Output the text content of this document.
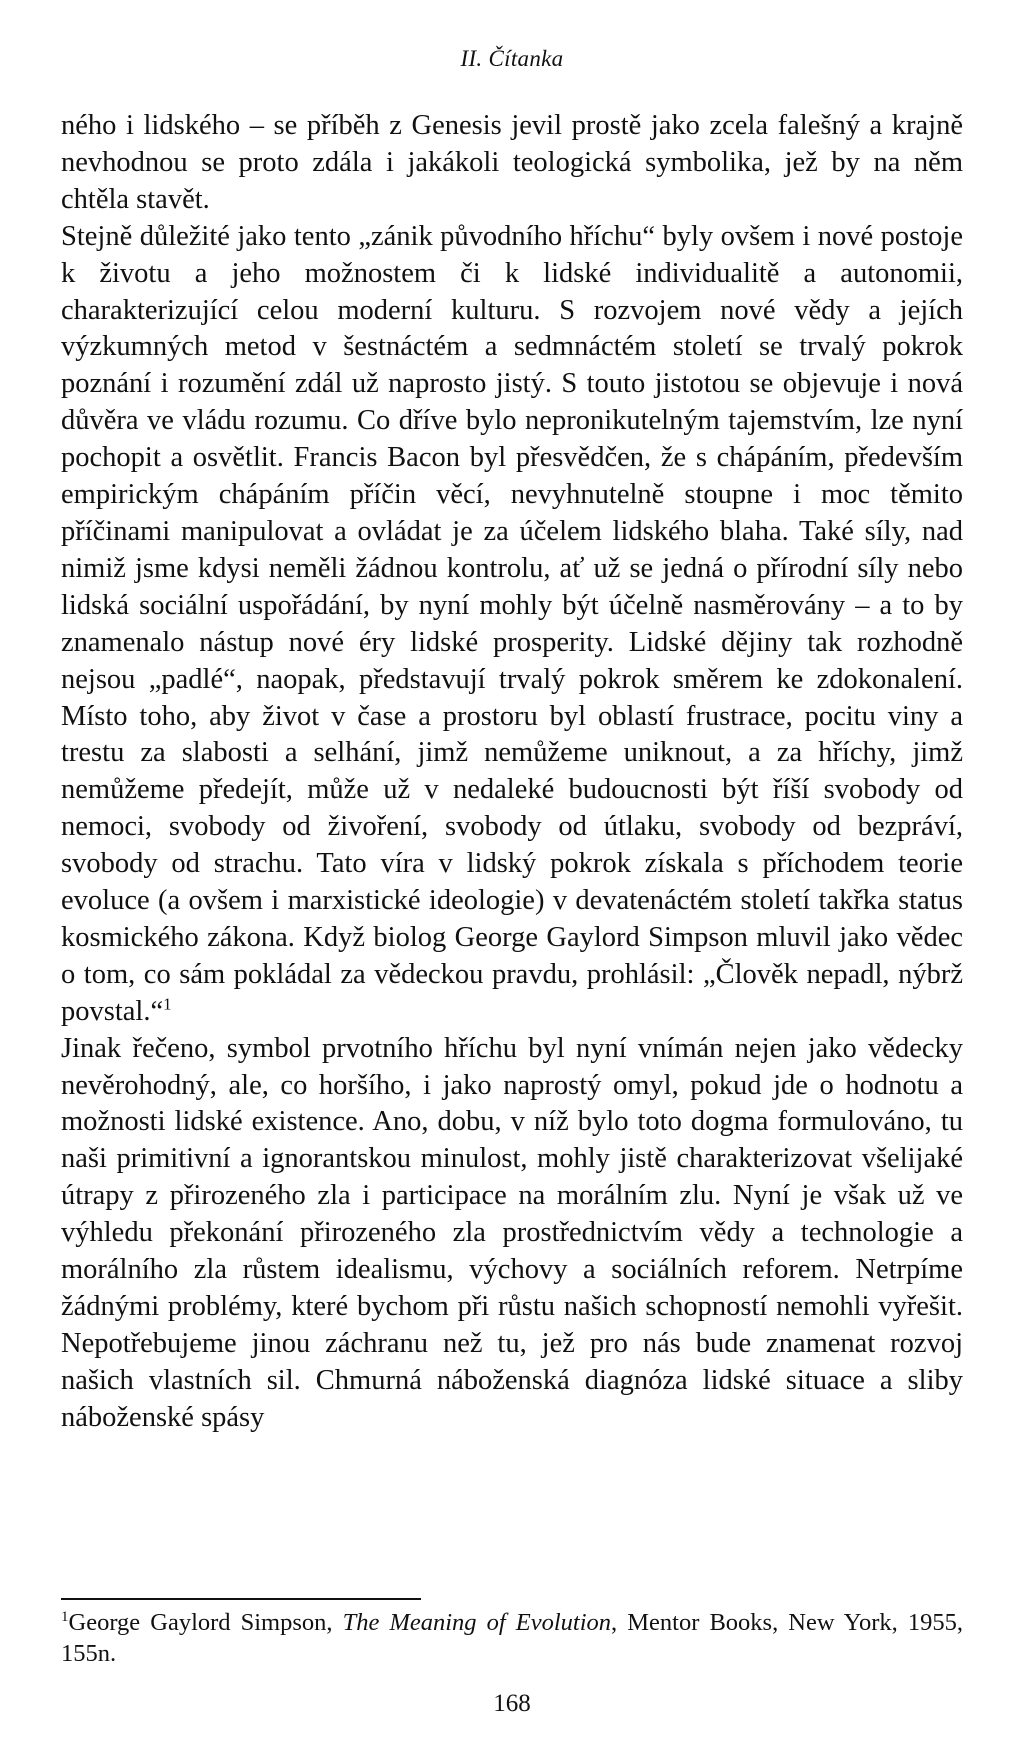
II. Čítanka

ného i lidského – se příběh z Genesis jevil prostě jako zcela falešný a krajně nevhodnou se proto zdála i jakákoli teologická symbolika, jež by na něm chtěla stavět.

Stejně důležité jako tento „zánik původního hříchu“ byly ovšem i nové postoje k životu a jeho možnostem či k lidské individualitě a autonomii, charakterizující celou moderní kulturu. S rozvojem nové vědy a jejích výzkumných metod v šestnáctém a sedmnáctém století se trvalý pokrok poznání i rozumění zdál už naprosto jistý. S touto jistotou se objevuje i nová důvěra ve vládu rozumu. Co dříve bylo nepronikutelným tajemstvím, lze nyní pochopit a osvětlit. Francis Bacon byl přesvědčen, že s chápáním, především empirickým chápáním příčin věcí, nevyhnutelně stoupne i moc těmito příčinami manipulovat a ovládat je za účelem lidského blaha. Také síly, nad nimiž jsme kdysi neměli žádnou kontrolu, ať už se jedná o přírodní síly nebo lidská sociální uspořádání, by nyní mohly být účelně nasměrovány – a to by znamenalo nástup nové éry lidské prosperity. Lidské dějiny tak rozhodně nejsou „padlé“, naopak, představují trvalý pokrok směrem ke zdokonalení. Místo toho, aby život v čase a prostoru byl oblastí frustrace, pocitu viny a trestu za slabosti a selhání, jimž nemůžeme uniknout, a za hříchy, jimž nemůžeme předejít, může už v nedaleké budoucnosti být říší svobody od nemoci, svobody od živoření, svobody od útlaku, svobody od bezpráví, svobody od strachu. Tato víra v lidský pokrok získala s příchodem teorie evoluce (a ovšem i marxistické ideologie) v devatenáctém století takřka status kosmického zákona. Když biolog George Gaylord Simpson mluvil jako vědec o tom, co sám pokládal za vědeckou pravdu, prohlásil: „Člověk nepadl, nýbrž povstal.“$^1$

Jinak řečeno, symbol prvotního hříchu byl nyní vnímán nejen jako vědecky nevěrohodný, ale, co horšího, i jako naprostý omyl, pokud jde o hodnotu a možnosti lidské existence. Ano, dobu, v níž bylo toto dogma formulováno, tu naši primitivní a ignorantskou minulost, mohly jistě charakterizovat všelijaké útrapy z přirozeného zla i participace na morálním zlu. Nyní je však už ve výhledu překonání přirozeného zla prostřednictvím vědy a technologie a morálního zla růstem idealismu, výchovy a sociálních reforem. Netrpíme žádnými problémy, které bychom při růstu našich schopností nemohli vyřešit. Nepotřebujeme jinou záchranu než tu, jež pro nás bude znamenat rozvoj našich vlastních sil. Chmurná náboženská diagnóza lidské situace a sliby náboženské spásy

$^1$George Gaylord Simpson, The Meaning of Evolution, Mentor Books, New York, 1955, 155n.
168
